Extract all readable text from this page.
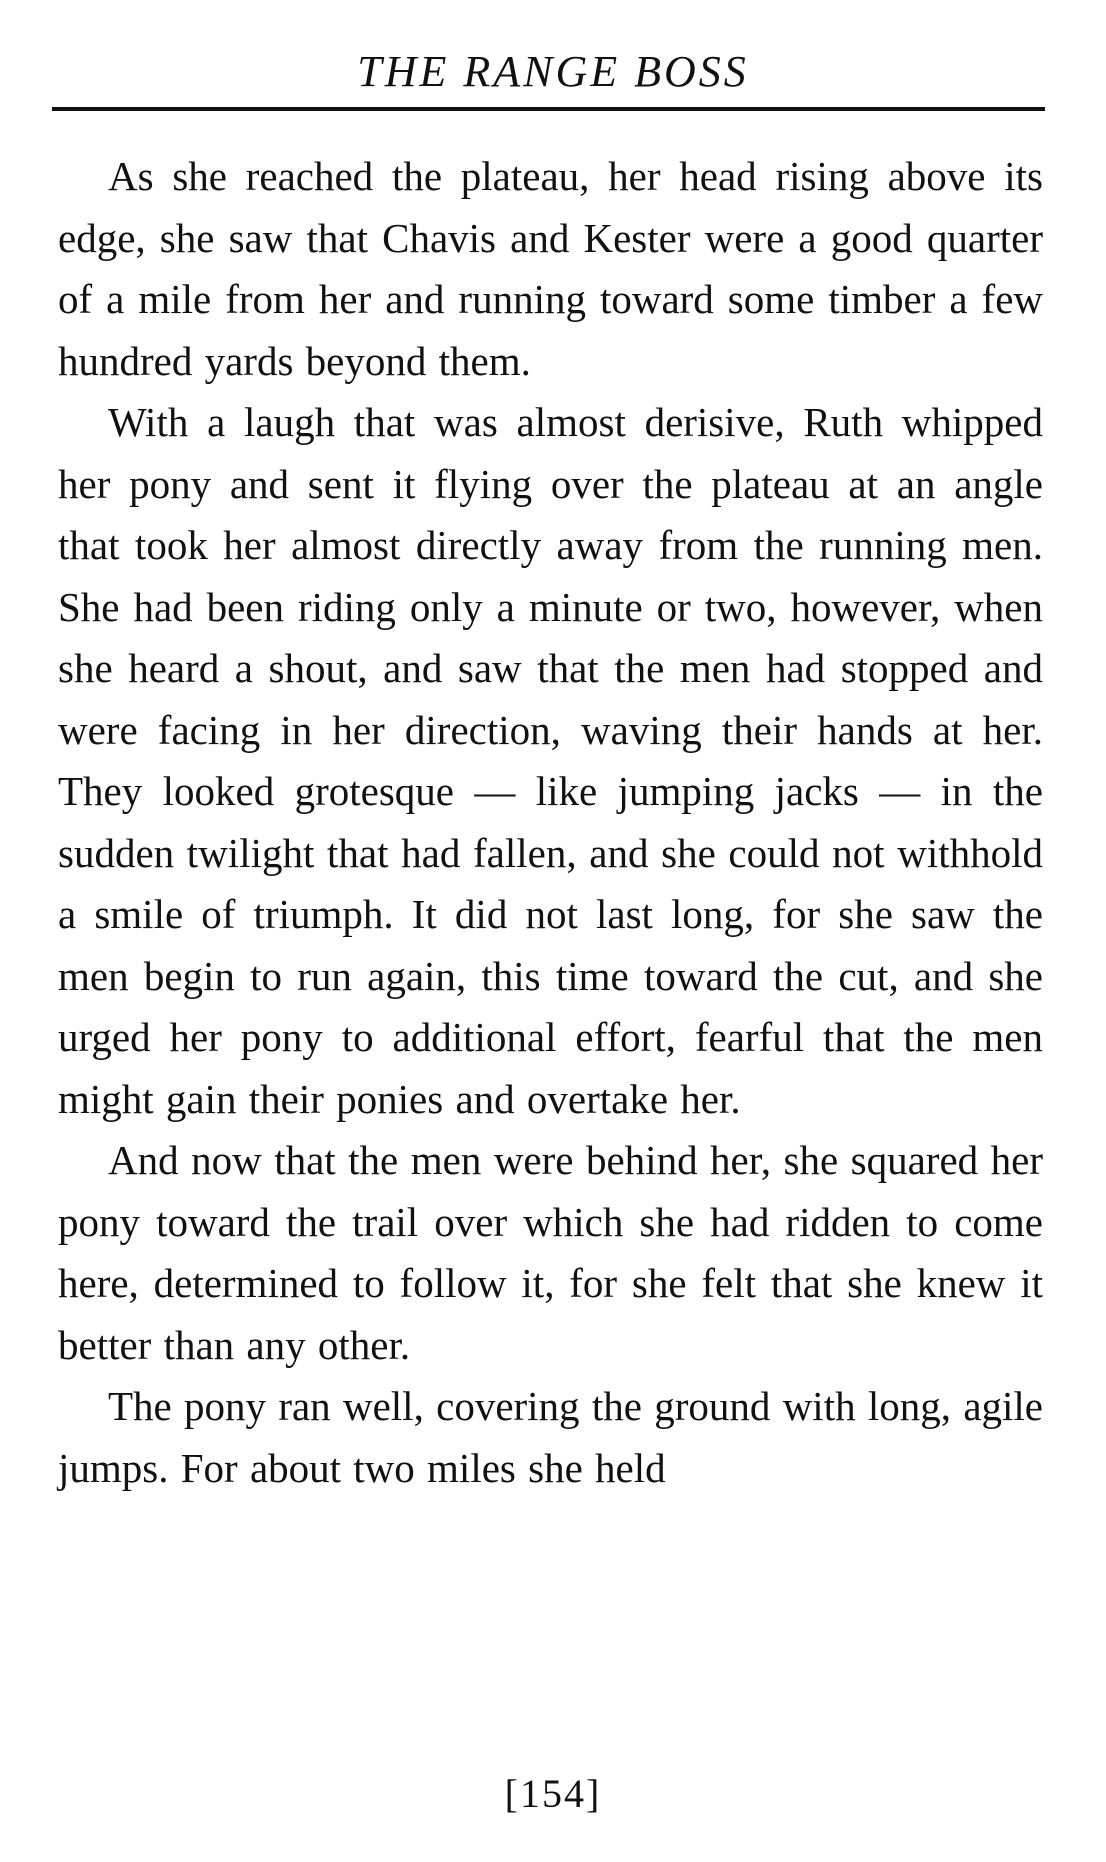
THE RANGE BOSS

As she reached the plateau, her head rising above its edge, she saw that Chavis and Kester were a good quarter of a mile from her and running toward some timber a few hundred yards beyond them.

With a laugh that was almost derisive, Ruth whipped her pony and sent it flying over the plateau at an angle that took her almost directly away from the running men. She had been riding only a minute or two, however, when she heard a shout, and saw that the men had stopped and were facing in her direction, waving their hands at her. They looked grotesque — like jumping jacks — in the sudden twilight that had fallen, and she could not withhold a smile of triumph. It did not last long, for she saw the men begin to run again, this time toward the cut, and she urged her pony to additional effort, fearful that the men might gain their ponies and overtake her.

And now that the men were behind her, she squared her pony toward the trail over which she had ridden to come here, determined to follow it, for she felt that she knew it better than any other.

The pony ran well, covering the ground with long, agile jumps. For about two miles she held

[154]
